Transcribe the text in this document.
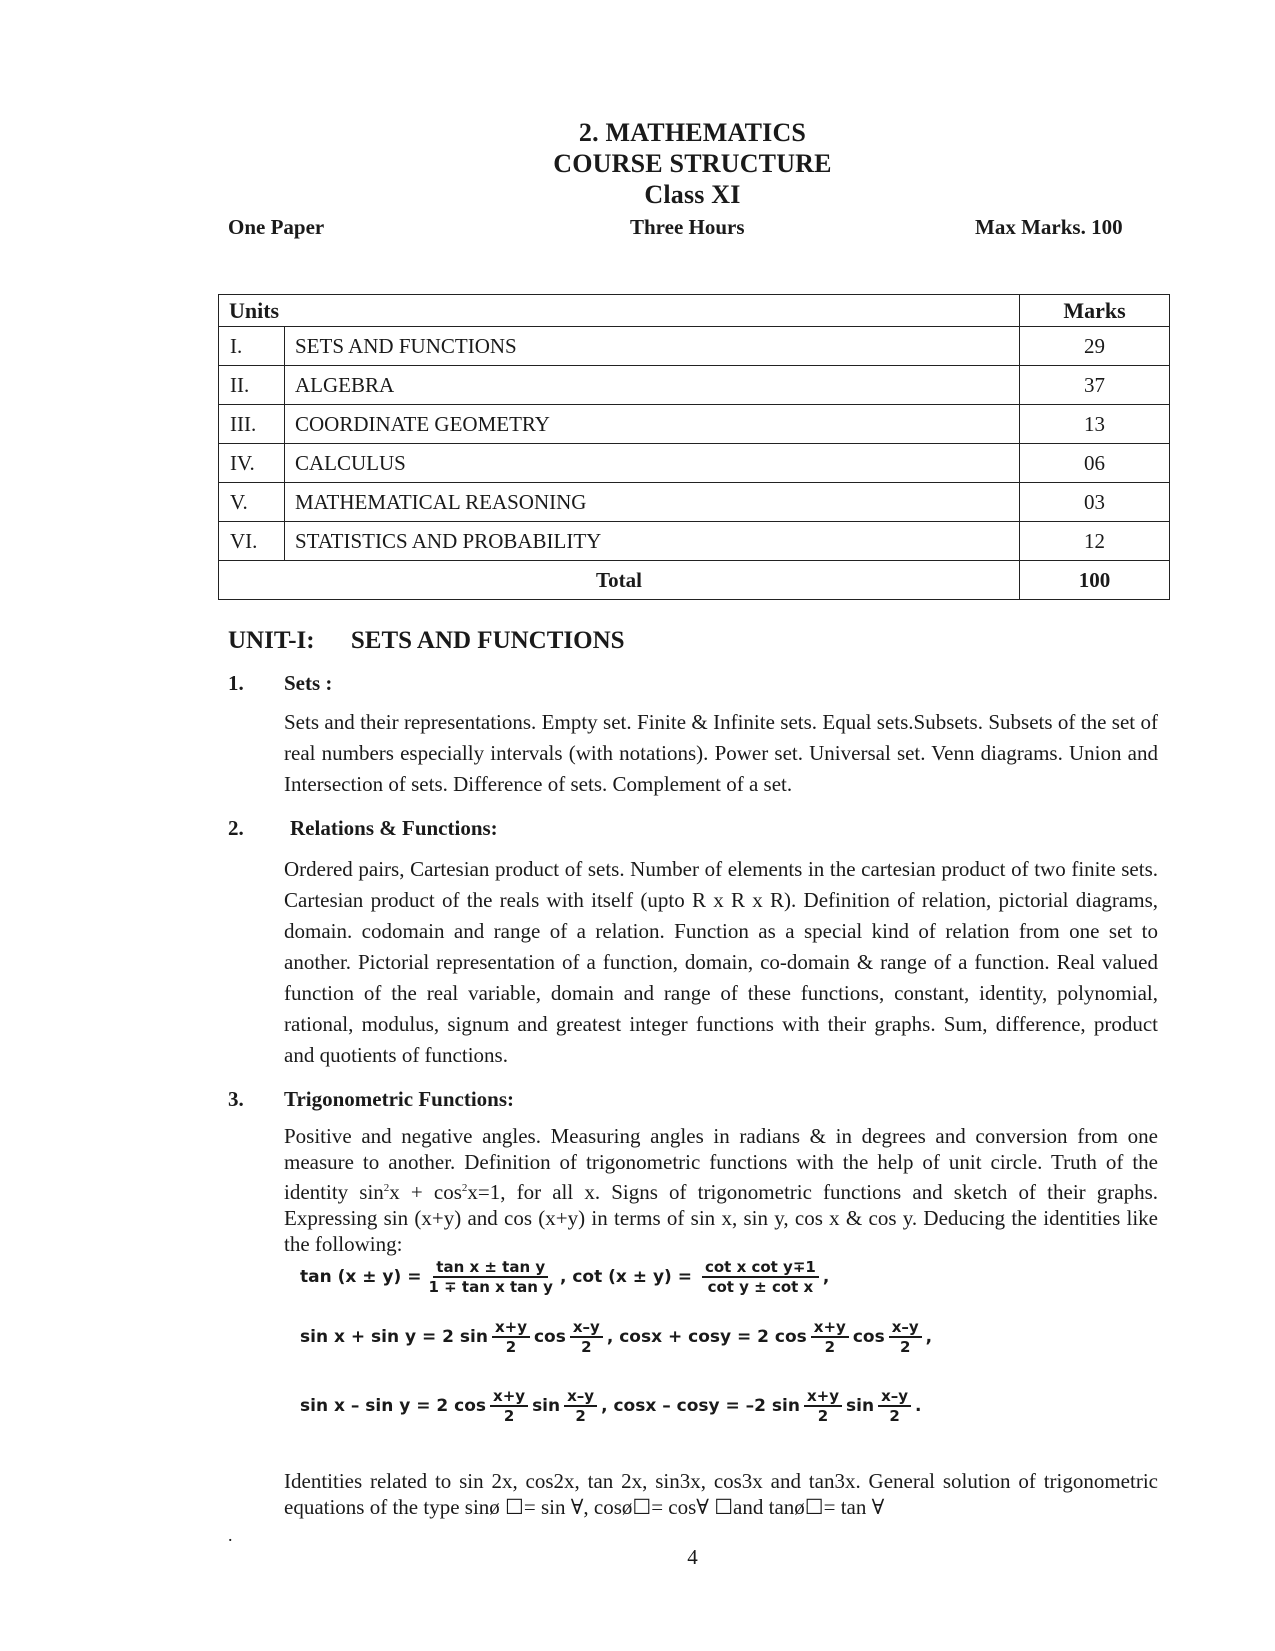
2. MATHEMATICS
COURSE STRUCTURE
Class XI
One Paper	Three Hours	Max Marks. 100
Units		Marks
I.	SETS AND FUNCTIONS	29
II.	ALGEBRA	37
III.	COORDINATE GEOMETRY	13
IV.	CALCULUS	06
V.	MATHEMATICAL REASONING	03
VI.	STATISTICS AND PROBABILITY	12
Total		100
UNIT-I: SETS AND FUNCTIONS
1. Sets :
Sets and their representations. Empty set. Finite & Infinite sets. Equal sets.Subsets. Subsets of the set of real numbers especially intervals (with notations). Power set. Universal set. Venn diagrams. Union and Intersection of sets. Difference of sets. Complement of a set.
2. Relations & Functions:
Ordered pairs, Cartesian product of sets. Number of elements in the cartesian product of two finite sets. Cartesian product of the reals with itself (upto R x R x R). Definition of relation, pictorial diagrams, domain. codomain and range of a relation. Function as a special kind of relation from one set to another. Pictorial representation of a function, domain, co-domain & range of a function. Real valued function of the real variable, domain and range of these functions, constant, identity, polynomial, rational, modulus, signum and greatest integer functions with their graphs. Sum, difference, product and quotients of functions.
3. Trigonometric Functions:
Positive and negative angles. Measuring angles in radians & in degrees and conversion from one measure to another. Definition of trigonometric functions with the help of unit circle. Truth of the identity $\sin^2x + \cos^2x=1$, for all x. Signs of trigonometric functions and sketch of their graphs. Expressing sin (x+y) and cos (x+y) in terms of sin x, sin y, cos x & cos y. Deducing the identities like the following:
$\tan (x \pm y) = \frac{\text{tan x ± tan y}}{\text{1 ∓ tan x tan y}}$ , $\cot (x \pm y) = \frac{\text{cot x cot y∓1}}{\text{cot y ± cot x}}$ ,
sin x + sin y = 2 $\sin \frac{x+y}{2}$ $\cos \frac{x-y}{2}$ , cosx + cosy = 2 $\cos \frac{x+y}{2}$ $\cos \frac{x-y}{2}$ ,
sin x – sin y = 2 $\cos \frac{x+y}{2}$ $\sin \frac{x-y}{2}$ , cosx – cosy = –2 $\sin \frac{x+y}{2}$ $\sin \frac{x-y}{2}$ .
Identities related to sin 2x, cos2x, tan 2x, sin3x, cos3x and tan3x. General solution of trigonometric equations of the type sinø ☐= sin ∀, cosø☐= cos∀ ☐and tanø☐= tan ∀
.
4
